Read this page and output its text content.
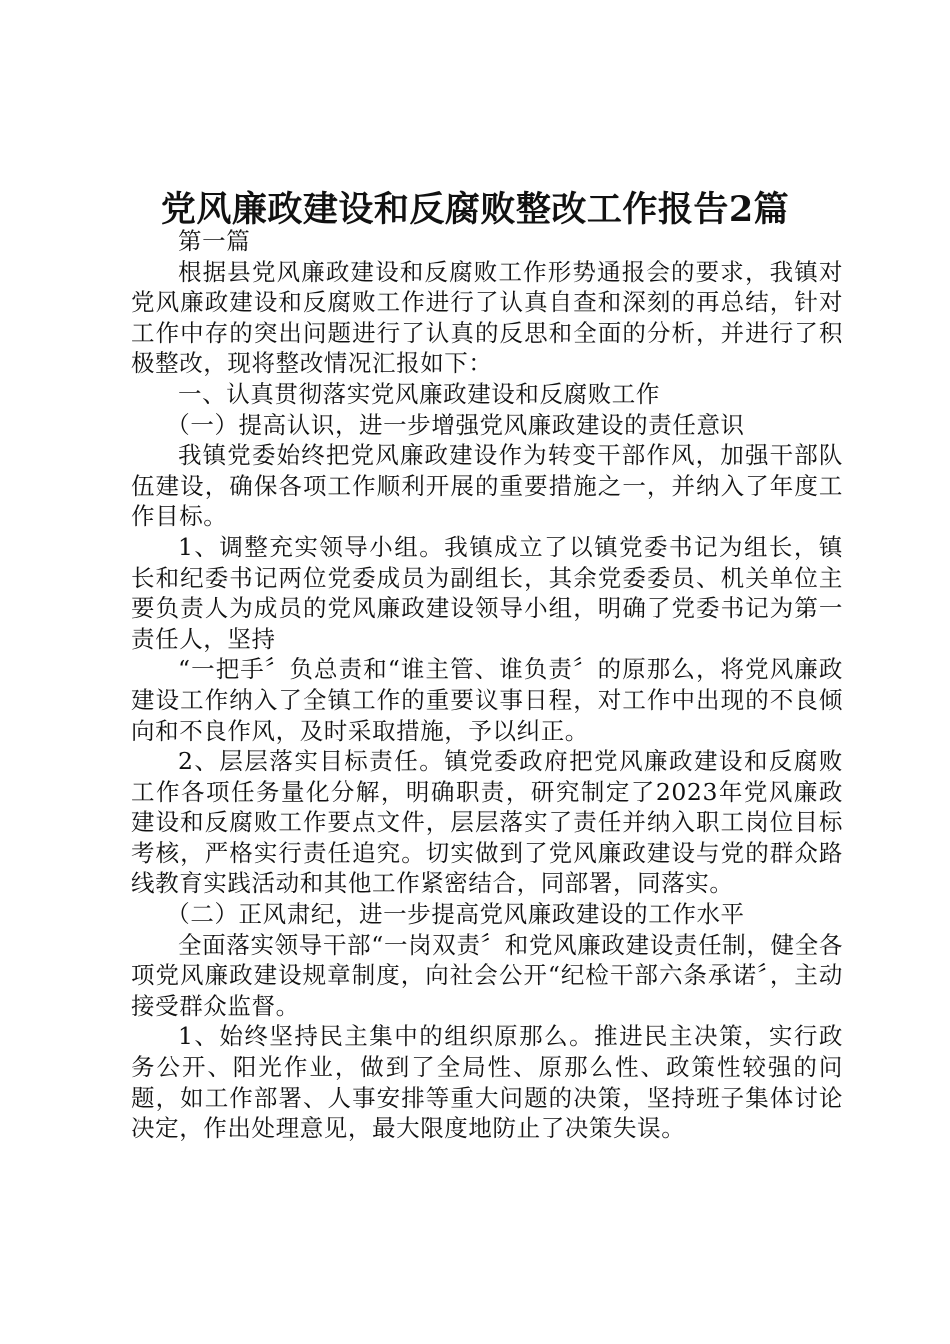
党风廉政建设和反腐败整改工作报告2篇

第一篇

根据县党风廉政建设和反腐败工作形势通报会的要求，我镇对党风廉政建设和反腐败工作进行了认真自查和深刻的再总结，针对工作中存的突出问题进行了认真的反思和全面的分析，并进行了积极整改，现将整改情况汇报如下：

一、认真贯彻落实党风廉政建设和反腐败工作

（一）提高认识，进一步增强党风廉政建设的责任意识

我镇党委始终把党风廉政建设作为转变干部作风，加强干部队伍建设，确保各项工作顺利开展的重要措施之一，并纳入了年度工作目标。

1、调整充实领导小组。我镇成立了以镇党委书记为组长，镇长和纪委书记两位党委成员为副组长，其余党委委员、机关单位主要负责人为成员的党风廉政建设领导小组，明确了党委书记为第一责任人，坚持

“一把手〞负总责和“谁主管、谁负责〞的原那么，将党风廉政建设工作纳入了全镇工作的重要议事日程，对工作中出现的不良倾向和不良作风，及时采取措施，予以纠正。

2、层层落实目标责任。镇党委政府把党风廉政建设和反腐败工作各项任务量化分解，明确职责，研究制定了2023年党风廉政建设和反腐败工作要点文件，层层落实了责任并纳入职工岗位目标考核，严格实行责任追究。切实做到了党风廉政建设与党的群众路线教育实践活动和其他工作紧密结合，同部署，同落实。

（二）正风肃纪，进一步提高党风廉政建设的工作水平

全面落实领导干部“一岗双责〞和党风廉政建设责任制，健全各项党风廉政建设规章制度，向社会公开“纪检干部六条承诺〞，主动接受群众监督。

1、始终坚持民主集中的组织原那么。推进民主决策，实行政务公开、阳光作业，做到了全局性、原那么性、政策性较强的问题，如工作部署、人事安排等重大问题的决策，坚持班子集体讨论决定，作出处理意见，最大限度地防止了决策失误。
